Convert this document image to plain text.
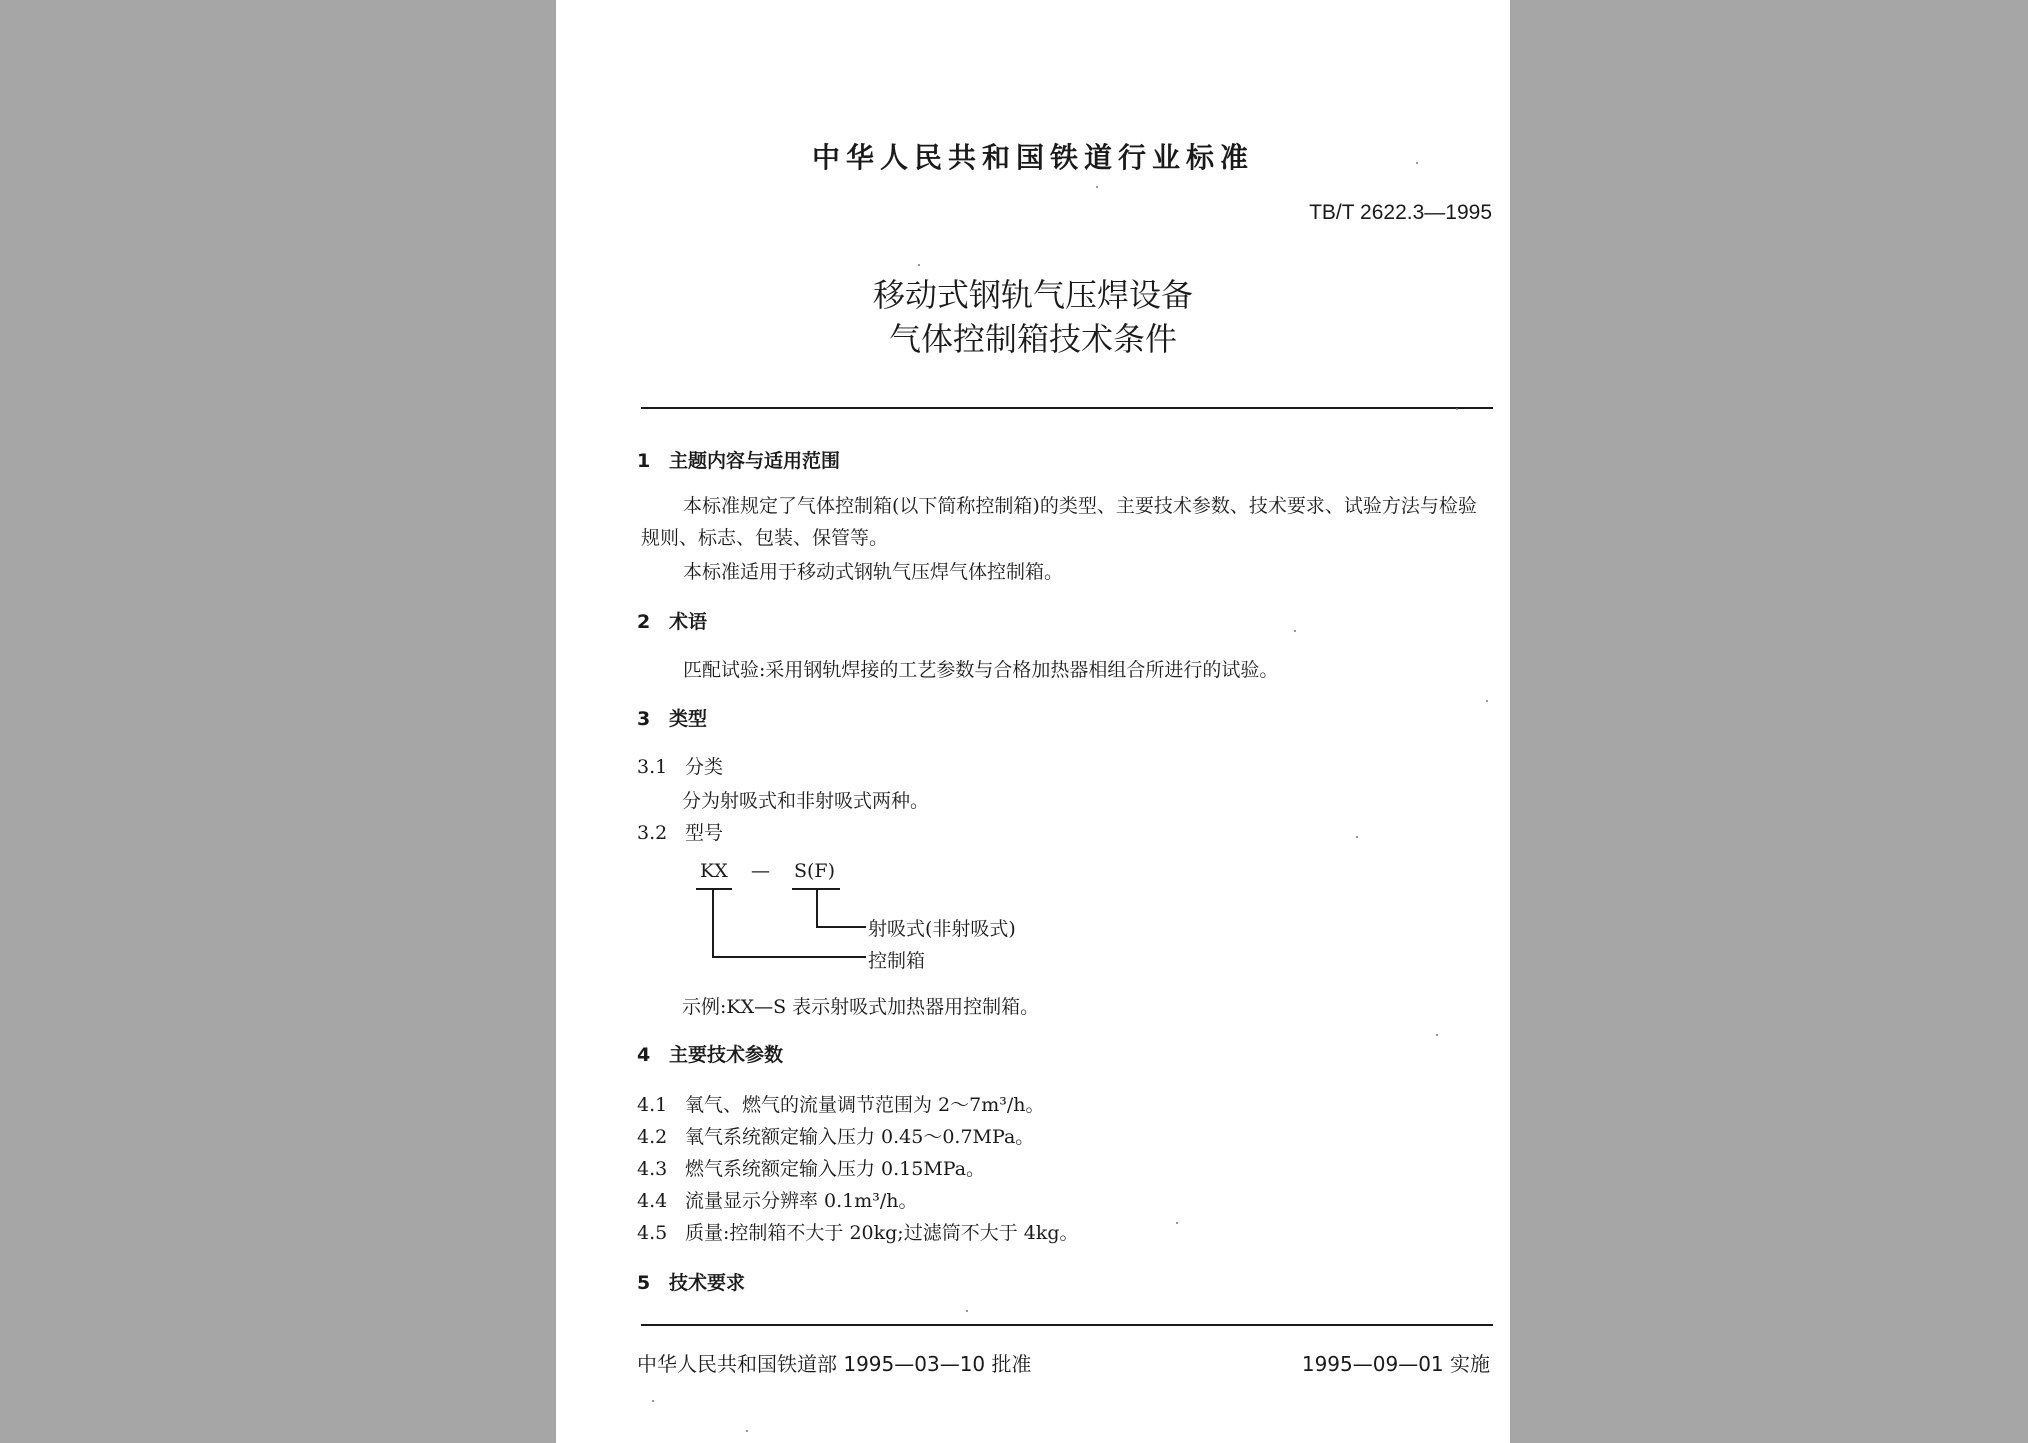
中华人民共和国铁道行业标准
TB/T 2622.3—1995
移动式钢轨气压焊设备
气体控制箱技术条件
1 主题内容与适用范围
本标准规定了气体控制箱(以下简称控制箱)的类型、主要技术参数、技术要求、试验方法与检验规则、标志、包装、保管等。
本标准适用于移动式钢轨气压焊气体控制箱。
2 术语
匹配试验:采用钢轨焊接的工艺参数与合格加热器相组合所进行的试验。
3 类型
3.1 分类
分为射吸式和非射吸式两种。
3.2 型号
KX — S(F)
射吸式(非射吸式)
控制箱
示例:KX—S 表示射吸式加热器用控制箱。
4 主要技术参数
4.1 氧气、燃气的流量调节范围为 2～7m³/h。
4.2 氧气系统额定输入压力 0.45～0.7MPa。
4.3 燃气系统额定输入压力 0.15MPa。
4.4 流量显示分辨率 0.1m³/h。
4.5 质量:控制箱不大于 20kg;过滤筒不大于 4kg。
5 技术要求
中华人民共和国铁道部 1995—03—10 批准	1995—09—01 实施
